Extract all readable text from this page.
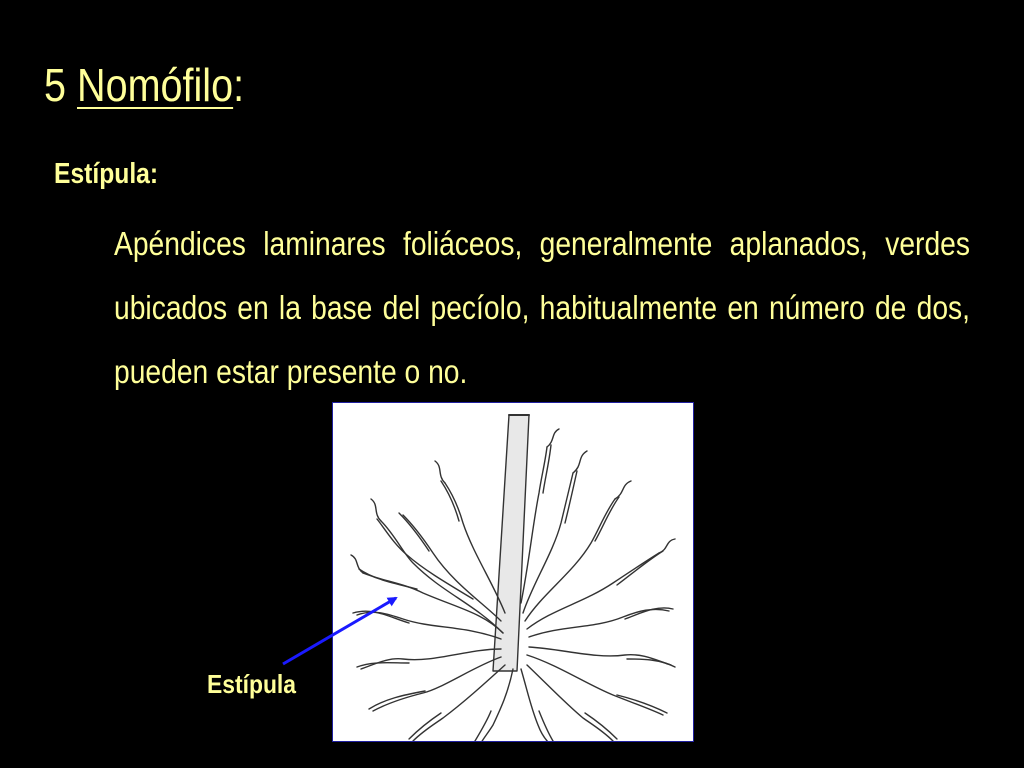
5 Nomófilo:
Estípula:
Apéndices laminares foliáceos, generalmente aplanados, verdes ubicados en la base del pecíolo, habitualmente en número de dos, pueden estar presente o no.
Estípula
